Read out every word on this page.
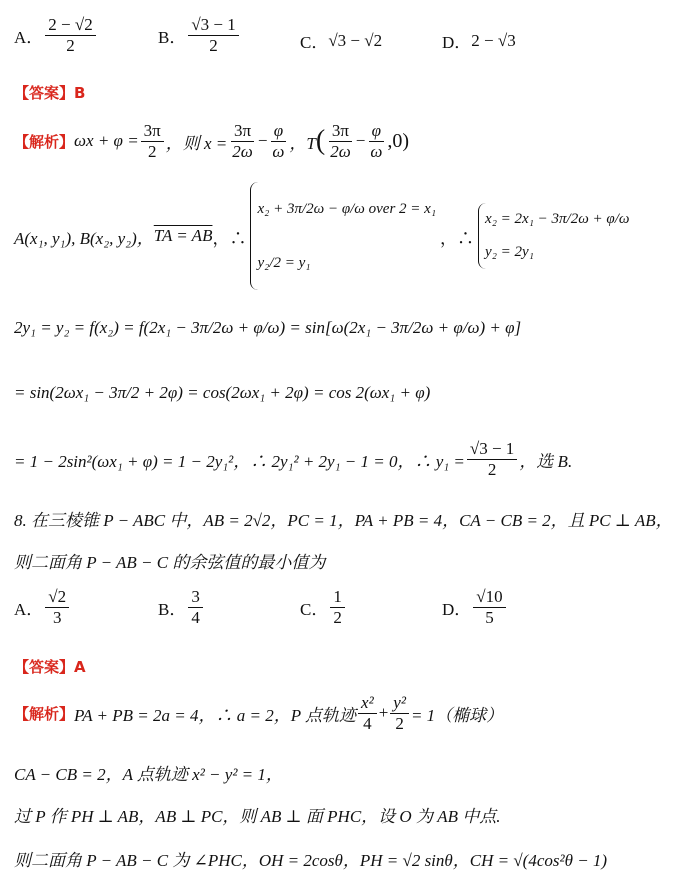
A． $\frac{2 - √2}{2}$	B． $\frac{√3 - 1}{2}$	C． √3 − √2	D． 2 − √3
【答案】B
【解析】 $\omega x + \varphi = \frac{3\pi}{2}$ ，则 $x = \frac{3\pi}{2\omega} - \frac{\varphi}{\omega}$ ，T ( $\frac{3\pi}{2\omega} - \frac{\varphi}{\omega} ,0$)
A(x₁, y₁), B(x₂, y₂)， TA = AB ，∴
x₂ + 3π/2ω − φ/ω over 2 = x₁
y₂/2 = y₁
，∴
x₂ = 2x₁ − 3π/2ω + φ/ω
y₂ = 2y₁
2y₁ = y₂ = f(x₂) = f(2x₁ − 3π/2ω + φ/ω) = sin[ω(2x₁ − 3π/2ω + φ/ω) + φ]
= sin(2ωx₁ − 3π/2 + 2φ) = cos(2ωx₁ + 2φ) = cos 2(ωx₁ + φ)
= 1 − 2sin²(ωx₁ + φ) = 1 − 2y₁²，∴ 2y₁² + 2y₁ − 1 = 0，∴ $y_1 = \frac{√3 - 1}{2}$ ，选 B.
8. 在三棱锥 P − ABC 中，AB = 2√2，PC = 1，PA + PB = 4，CA − CB = 2，且 PC ⊥ AB，
则二面角 P − AB − C 的余弦值的最小值为
A． $\frac{√2}{3}$	B． $\frac{3}{4}$	C． $\frac{1}{2}$	D． $\frac{√10}{5}$
【答案】A
【解析】 PA + PB = 2a = 4，∴ a = 2，P 点轨迹 $\frac{\text{x²}}{4} + \frac{\text{y²}}{2} = 1$（椭球）
CA − CB = 2，A 点轨迹 x² − y² = 1，
过 P 作 PH ⊥ AB，AB ⊥ PC，则 AB ⊥ 面 PHC，设 O 为 AB 中点.
则二面角 P − AB − C 为 ∠PHC，OH = 2cosθ，PH = √2 sinθ，CH = √(4cos²θ − 1)
